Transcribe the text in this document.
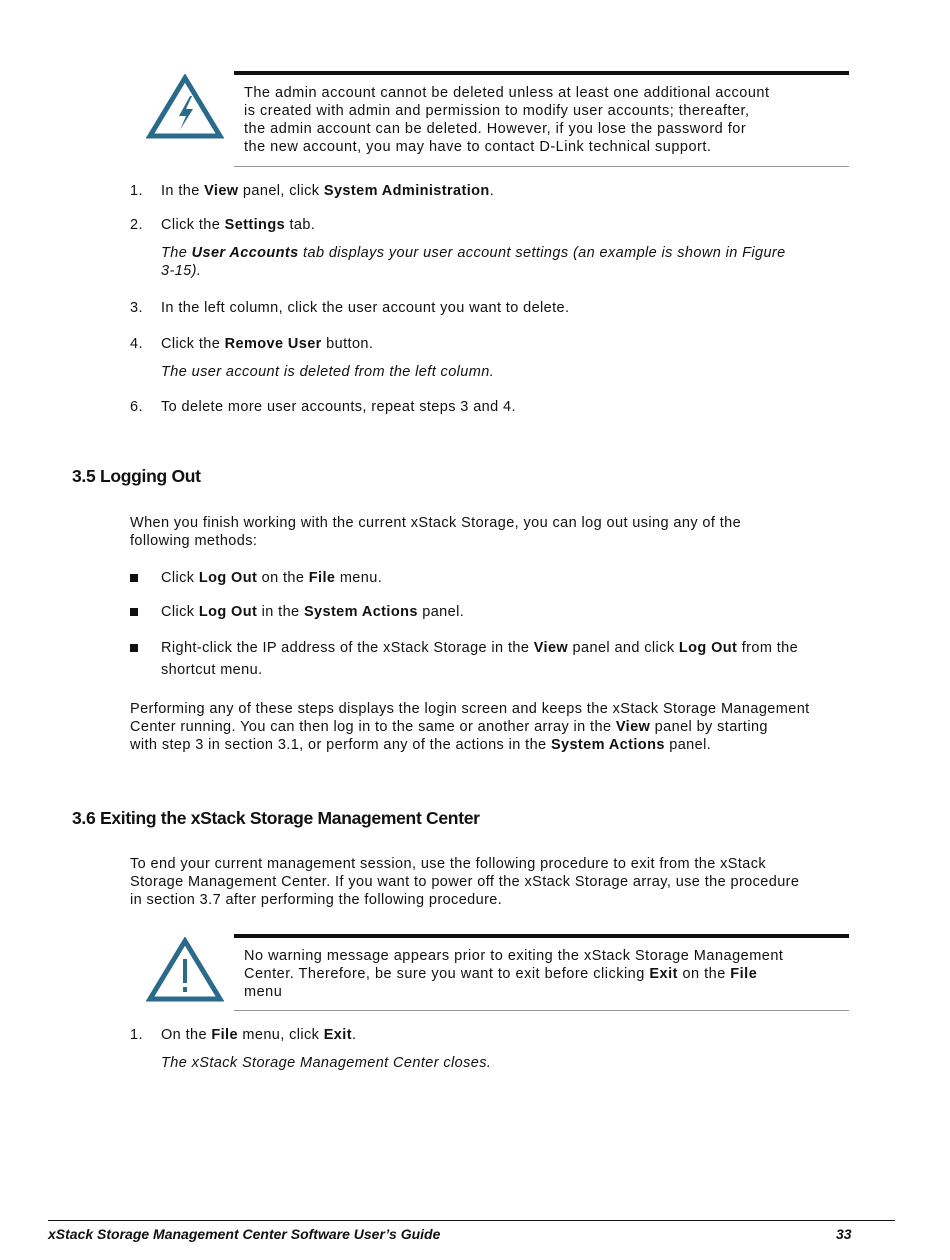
The admin account cannot be deleted unless at least one additional account
is created with admin and permission to modify user accounts; thereafter,
the admin account can be deleted. However, if you lose the password for
the new account, you may have to contact D-Link technical support.
1.	In the View panel, click System Administration.
2.	Click the Settings tab.
The User Accounts tab displays your user account settings (an example is shown in Figure
3-15).
3.	In the left column, click the user account you want to delete.
4.	Click the Remove User button.
The user account is deleted from the left column.
6.	To delete more user accounts, repeat steps 3 and 4.
3.5 Logging Out
When you finish working with the current xStack Storage, you can log out using any of the
following methods:
Click Log Out on the File menu.
Click Log Out in the System Actions panel.
Right-click the IP address of the xStack Storage in the View panel and click Log Out from the
shortcut menu.
Performing any of these steps displays the login screen and keeps the xStack Storage Management
Center running. You can then log in to the same or another array in the View panel by starting
with step 3 in section 3.1, or perform any of the actions in the System Actions panel.
3.6 Exiting the xStack Storage Management Center
To end your current management session, use the following procedure to exit from the xStack
Storage Management Center. If you want to power off the xStack Storage array, use the procedure
in section 3.7 after performing the following procedure.
No warning message appears prior to exiting the xStack Storage Management
Center. Therefore, be sure you want to exit before clicking Exit on the File
menu
1.	On the File menu, click Exit.
The xStack Storage Management Center closes.
xStack Storage Management Center Software User’s Guide	33
